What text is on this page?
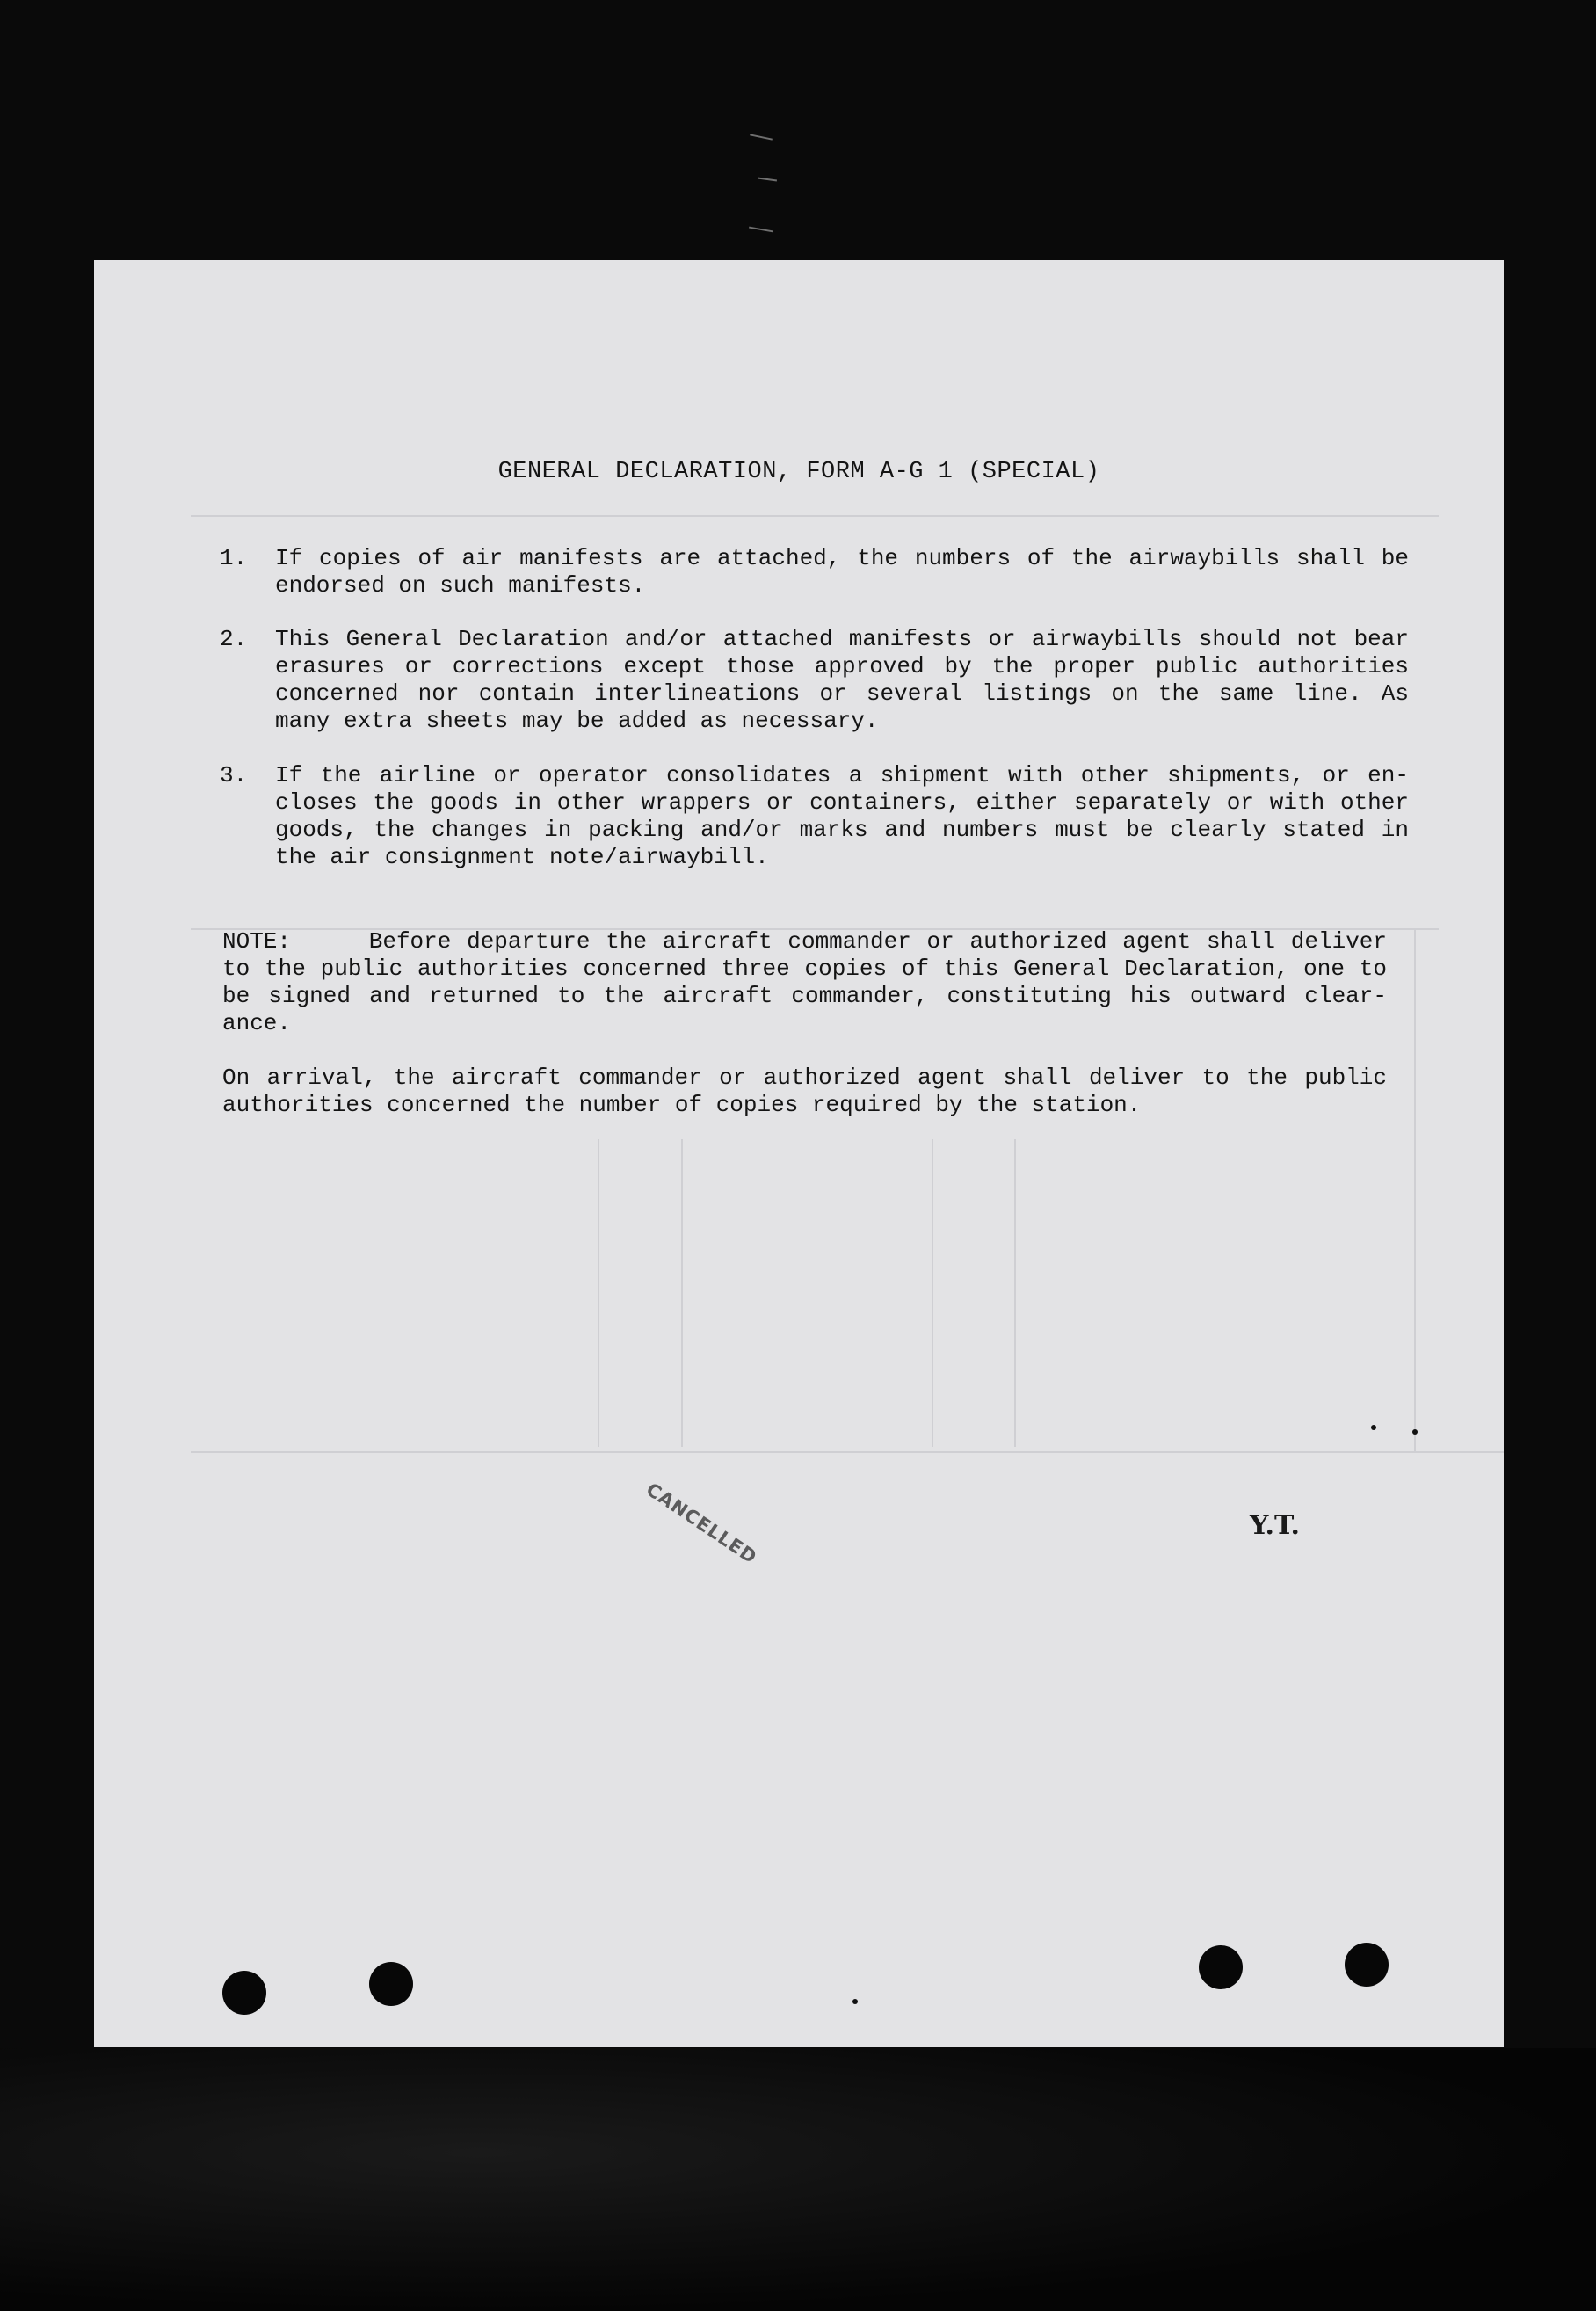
GENERAL DECLARATION, FORM A-G 1 (SPECIAL)
1. If copies of air manifests are attached, the numbers of the airwaybills shall be
endorsed on such manifests.
2. This General Declaration and/or attached manifests or airwaybills should not bear
erasures or corrections except those approved by the proper public authorities
concerned nor contain interlineations or several listings on the same line. As
many extra sheets may be added as necessary.
3. If the airline or operator consolidates a shipment with other shipments, or en-
closes the goods in other wrappers or containers, either separately or with other
goods, the changes in packing and/or marks and numbers must be clearly stated in
the air consignment note/airwaybill.
NOTE:     Before departure the aircraft commander or authorized agent shall deliver
to the public authorities concerned three copies of this General Declaration, one to
be signed and returned to the aircraft commander, constituting his outward clear-
ance.
On arrival, the aircraft commander or authorized agent shall deliver to the public
authorities concerned the number of copies required by the station.
CANCELLED	Y.T.
